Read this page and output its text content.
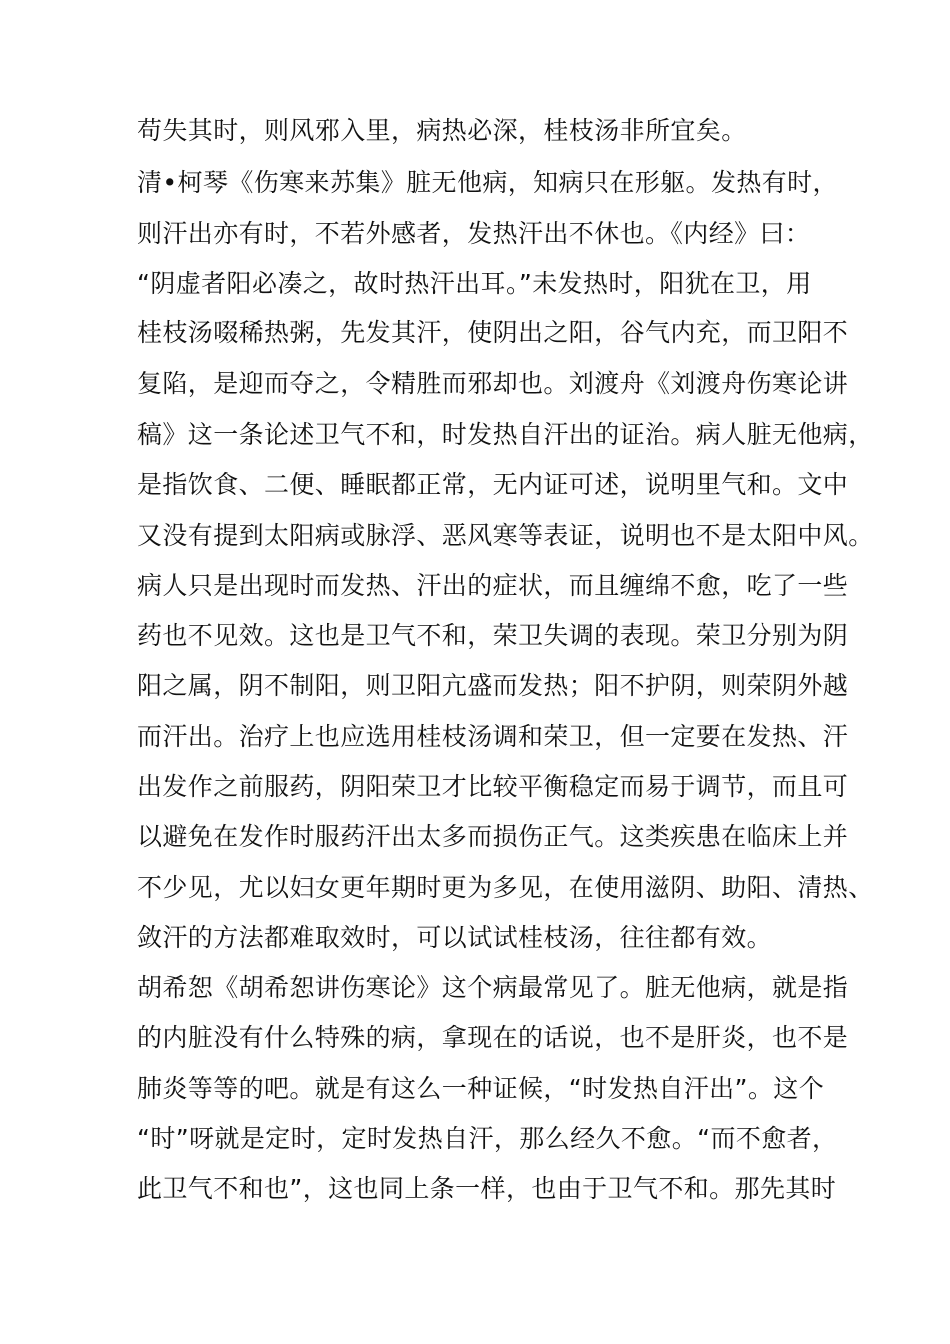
苟失其时，则风邪入里，病热必深，桂枝汤非所宜矣。
清•柯琴《伤寒来苏集》脏无他病，知病只在形躯。发热有时，
则汗出亦有时，不若外感者，发热汗出不休也。《内经》曰：
“阴虚者阳必凑之，故时热汗出耳。”未发热时，阳犹在卫，用
桂枝汤啜稀热粥，先发其汗，使阴出之阳，谷气内充，而卫阳不
复陷，是迎而夺之，令精胜而邪却也。刘渡舟《刘渡舟伤寒论讲
稿》这一条论述卫气不和，时发热自汗出的证治。病人脏无他病，
是指饮食、二便、睡眠都正常，无内证可述，说明里气和。文中
又没有提到太阳病或脉浮、恶风寒等表证，说明也不是太阳中风。
病人只是出现时而发热、汗出的症状，而且缠绵不愈，吃了一些
药也不见效。这也是卫气不和，荣卫失调的表现。荣卫分别为阴
阳之属，阴不制阳，则卫阳亢盛而发热；阳不护阴，则荣阴外越
而汗出。治疗上也应选用桂枝汤调和荣卫，但一定要在发热、汗
出发作之前服药，阴阳荣卫才比较平衡稳定而易于调节，而且可
以避免在发作时服药汗出太多而损伤正气。这类疾患在临床上并
不少见，尤以妇女更年期时更为多见，在使用滋阴、助阳、清热、
敛汗的方法都难取效时，可以试试桂枝汤，往往都有效。
胡希恕《胡希恕讲伤寒论》这个病最常见了。脏无他病，就是指
的内脏没有什么特殊的病，拿现在的话说，也不是肝炎，也不是
肺炎等等的吧。就是有这么一种证候，“时发热自汗出”。这个
“时”呀就是定时，定时发热自汗，那么经久不愈。“而不愈者，
此卫气不和也”，这也同上条一样，也由于卫气不和。那先其时
